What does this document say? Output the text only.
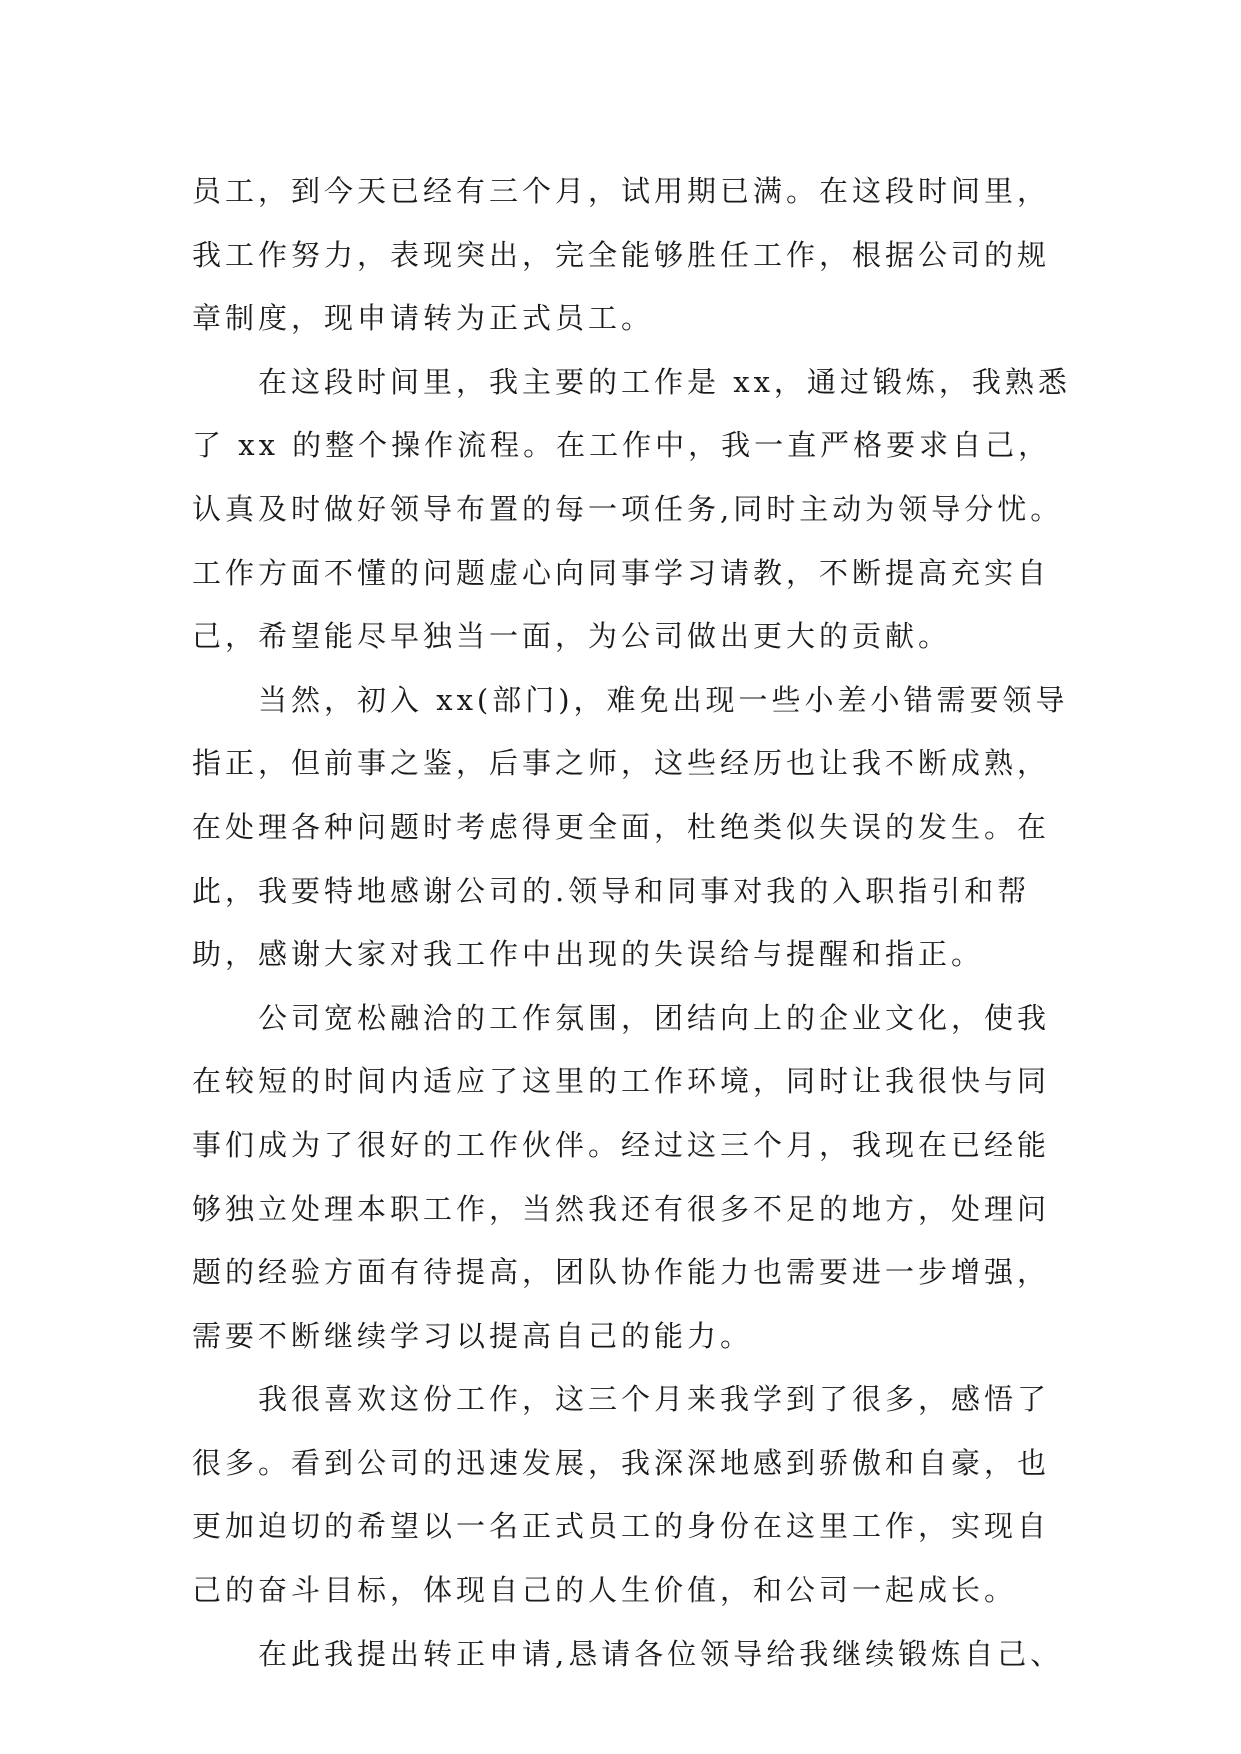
员工，到今天已经有三个月，试用期已满。在这段时间里，
我工作努力，表现突出，完全能够胜任工作，根据公司的规
章制度，现申请转为正式员工。
在这段时间里，我主要的工作是 xx，通过锻炼，我熟悉
了 xx 的整个操作流程。在工作中，我一直严格要求自己，
认真及时做好领导布置的每一项任务,同时主动为领导分忧。
工作方面不懂的问题虚心向同事学习请教，不断提高充实自
己，希望能尽早独当一面，为公司做出更大的贡献。
当然，初入 xx(部门)，难免出现一些小差小错需要领导
指正，但前事之鉴，后事之师，这些经历也让我不断成熟，
在处理各种问题时考虑得更全面，杜绝类似失误的发生。在
此，我要特地感谢公司的.领导和同事对我的入职指引和帮
助，感谢大家对我工作中出现的失误给与提醒和指正。
公司宽松融洽的工作氛围，团结向上的企业文化，使我
在较短的时间内适应了这里的工作环境，同时让我很快与同
事们成为了很好的工作伙伴。经过这三个月，我现在已经能
够独立处理本职工作，当然我还有很多不足的地方，处理问
题的经验方面有待提高，团队协作能力也需要进一步增强，
需要不断继续学习以提高自己的能力。
我很喜欢这份工作，这三个月来我学到了很多，感悟了
很多。看到公司的迅速发展，我深深地感到骄傲和自豪，也
更加迫切的希望以一名正式员工的身份在这里工作，实现自
己的奋斗目标，体现自己的人生价值，和公司一起成长。
在此我提出转正申请,恳请各位领导给我继续锻炼自己、
